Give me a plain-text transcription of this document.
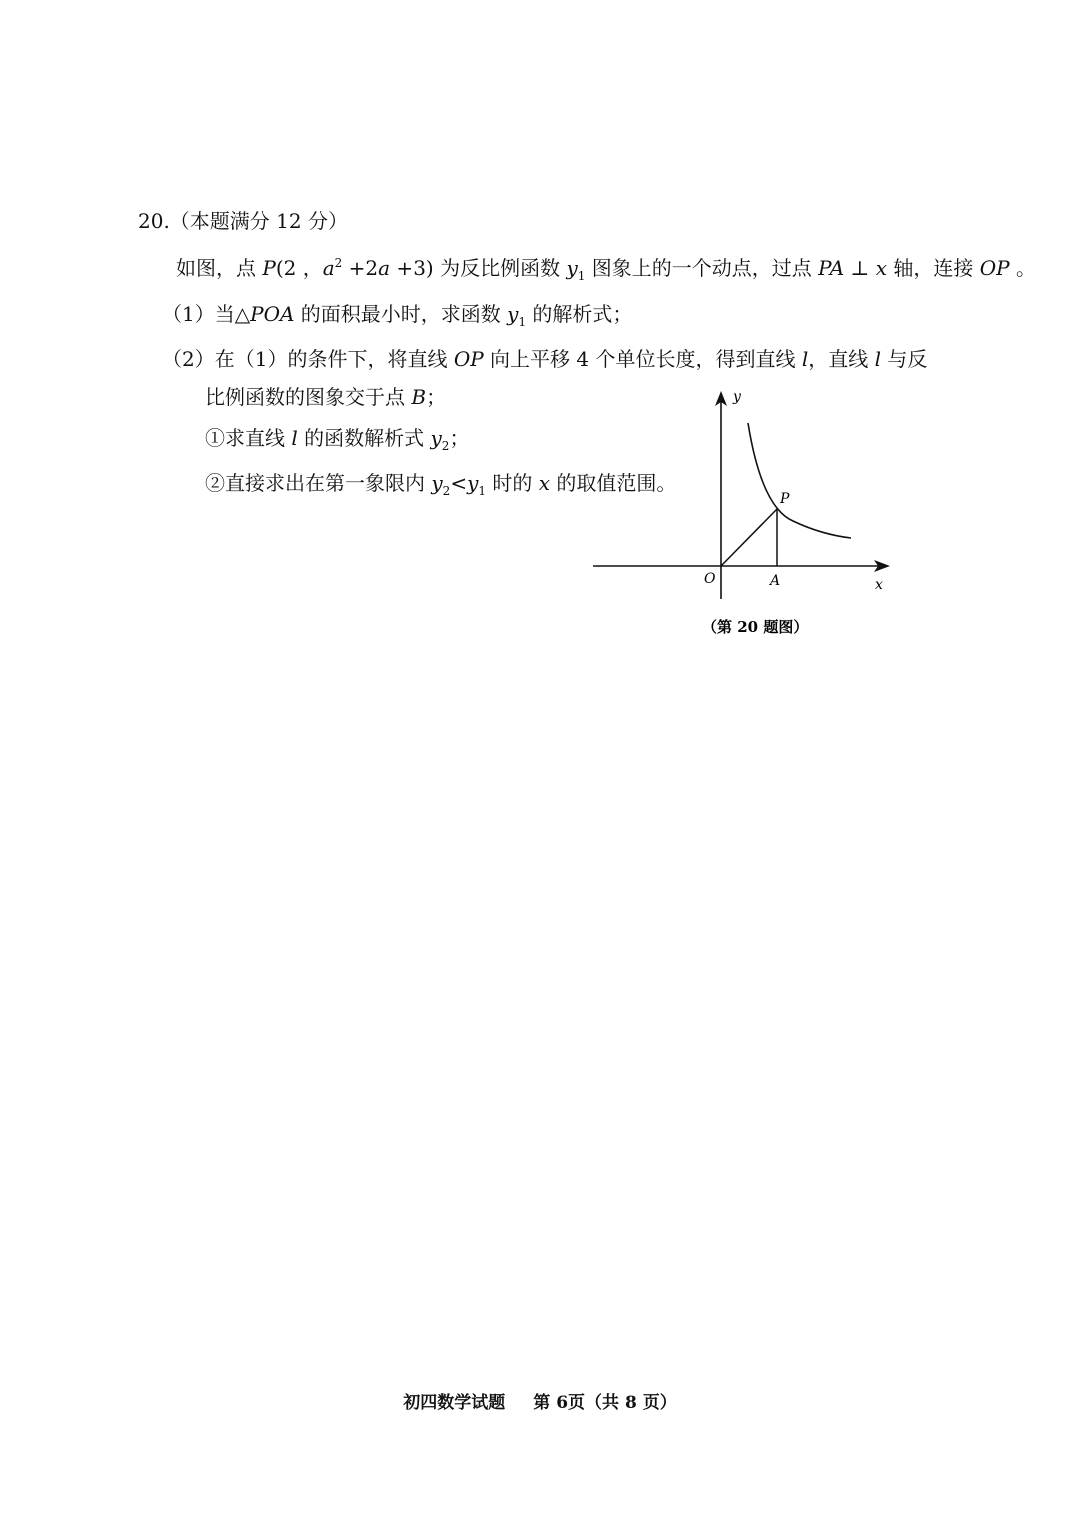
20.（本题满分 12 分）
如图，点 P(2 ，$a^2 +2a +3$) 为反比例函数 $y_1$ 图象上的一个动点，过点 PA ⊥ x 轴，连接 OP 。
（1）当△POA 的面积最小时，求函数 $y_1$ 的解析式；
（2）在（1）的条件下，将直线 OP 向上平移 4 个单位长度，得到直线 l，直线 l 与反
比例函数的图象交于点 B；
①求直线 l 的函数解析式 $y_2$；
②直接求出在第一象限内 $y_2<y_1$ 时的 x 的取值范围。
y
x
P
O	A
（第 20 题图）
初四数学试题 第 6页（共 8 页）
